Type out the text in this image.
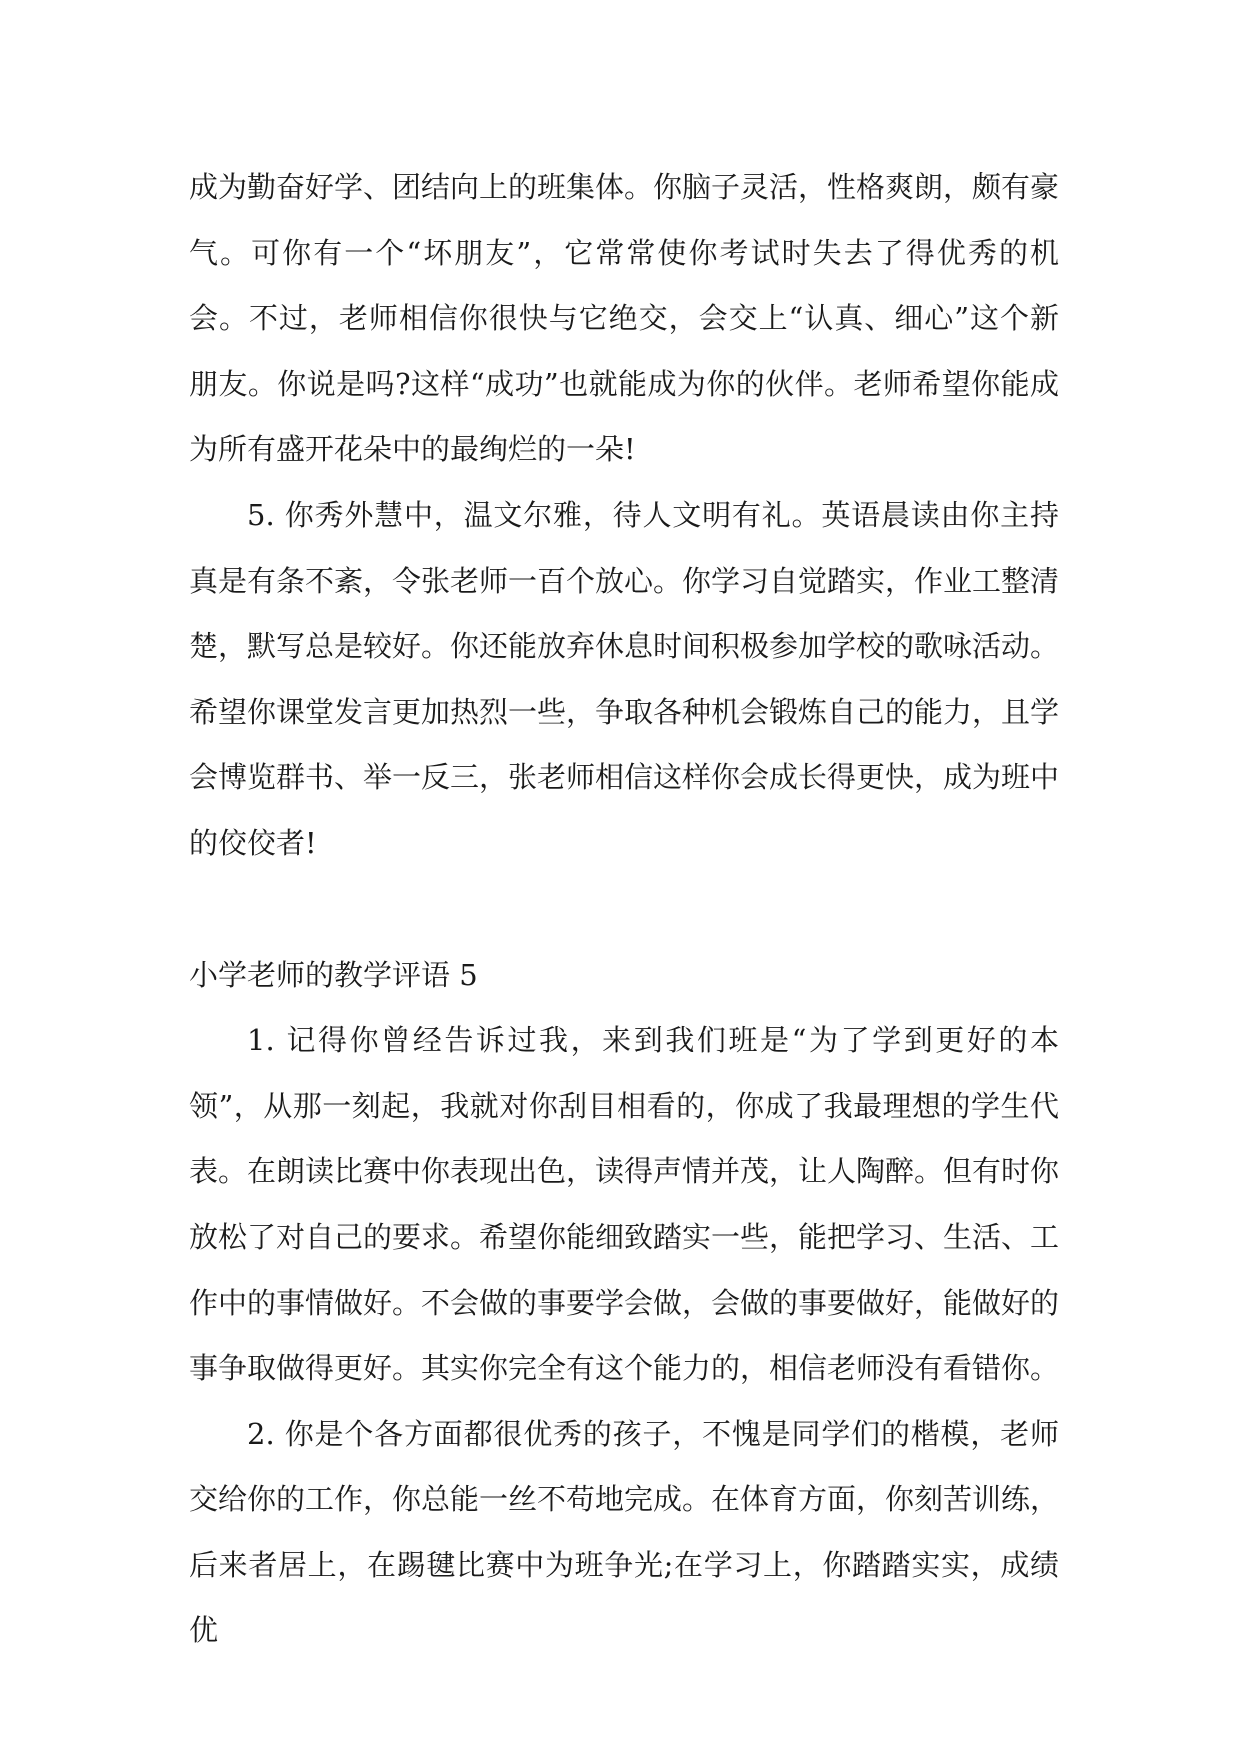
成为勤奋好学、团结向上的班集体。你脑子灵活，性格爽朗，颇有豪气。可你有一个“坏朋友”，它常常使你考试时失去了得优秀的机会。不过，老师相信你很快与它绝交，会交上“认真、细心”这个新朋友。你说是吗?这样“成功”也就能成为你的伙伴。老师希望你能成为所有盛开花朵中的最绚烂的一朵!

5. 你秀外慧中，温文尔雅，待人文明有礼。英语晨读由你主持真是有条不紊，令张老师一百个放心。你学习自觉踏实，作业工整清楚，默写总是较好。你还能放弃休息时间积极参加学校的歌咏活动。希望你课堂发言更加热烈一些，争取各种机会锻炼自己的能力，且学会博览群书、举一反三，张老师相信这样你会成长得更快，成为班中的佼佼者!

小学老师的教学评语 5

1. 记得你曾经告诉过我，来到我们班是“为了学到更好的本领”，从那一刻起，我就对你刮目相看的，你成了我最理想的学生代表。在朗读比赛中你表现出色，读得声情并茂，让人陶醉。但有时你放松了对自己的要求。希望你能细致踏实一些，能把学习、生活、工作中的事情做好。不会做的事要学会做，会做的事要做好，能做好的事争取做得更好。其实你完全有这个能力的，相信老师没有看错你。

2. 你是个各方面都很优秀的孩子，不愧是同学们的楷模，老师交给你的工作，你总能一丝不苟地完成。在体育方面，你刻苦训练，后来者居上，在踢毽比赛中为班争光;在学习上，你踏踏实实，成绩优
